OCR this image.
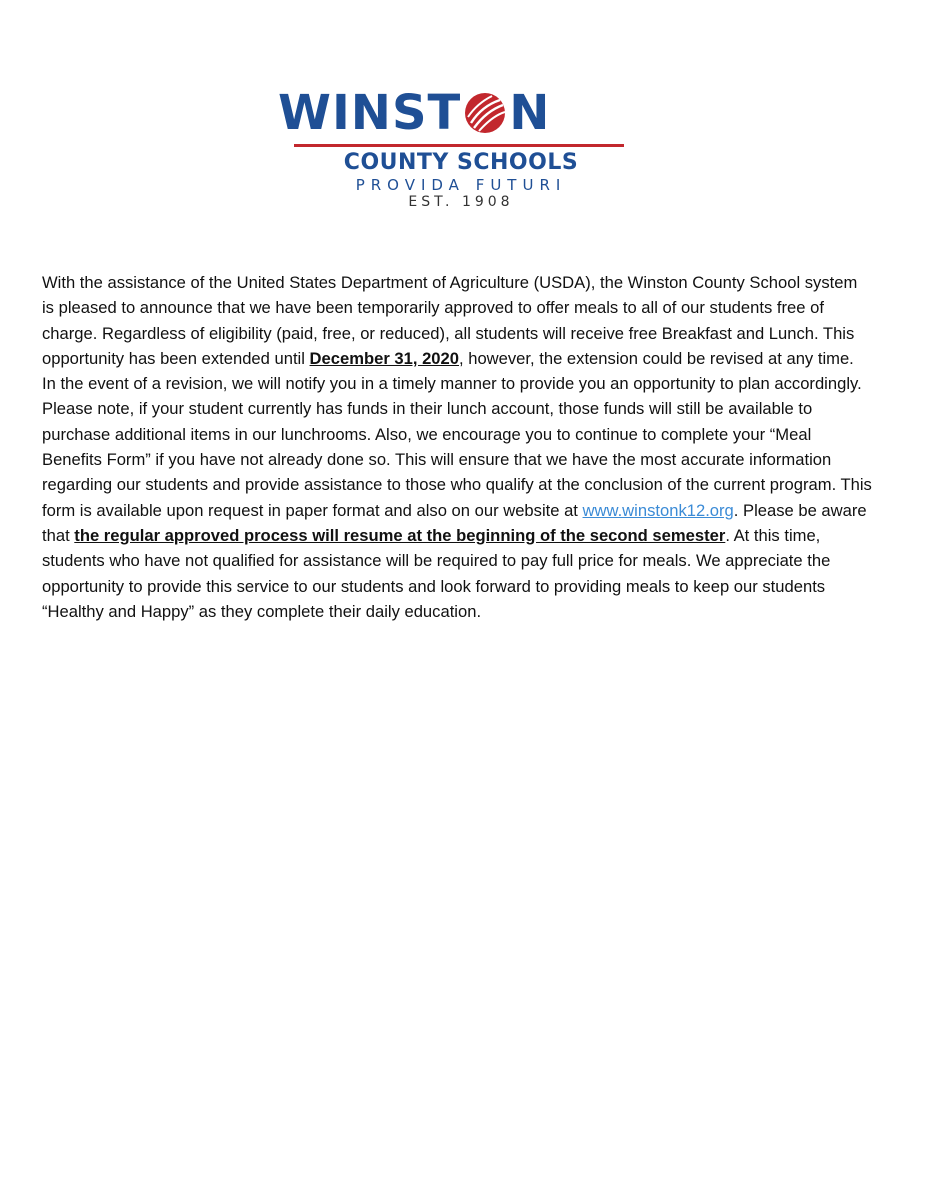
WINST N
COUNTY SCHOOLS
PROVIDA FUTURI
EST. 1908

With the assistance of the United States Department of Agriculture (USDA), the Winston County School system is pleased to announce that we have been temporarily approved to offer meals to all of our students free of charge. Regardless of eligibility (paid, free, or reduced), all students will receive free Breakfast and Lunch. This opportunity has been extended until December 31, 2020, however, the extension could be revised at any time. In the event of a revision, we will notify you in a timely manner to provide you an opportunity to plan accordingly. Please note, if your student currently has funds in their lunch account, those funds will still be available to purchase additional items in our lunchrooms. Also, we encourage you to continue to complete your “Meal Benefits Form” if you have not already done so. This will ensure that we have the most accurate information regarding our students and provide assistance to those who qualify at the conclusion of the current program. This form is available upon request in paper format and also on our website at www.winstonk12.org. Please be aware that the regular approved process will resume at the beginning of the second semester. At this time, students who have not qualified for assistance will be required to pay full price for meals. We appreciate the opportunity to provide this service to our students and look forward to providing meals to keep our students “Healthy and Happy” as they complete their daily education.
